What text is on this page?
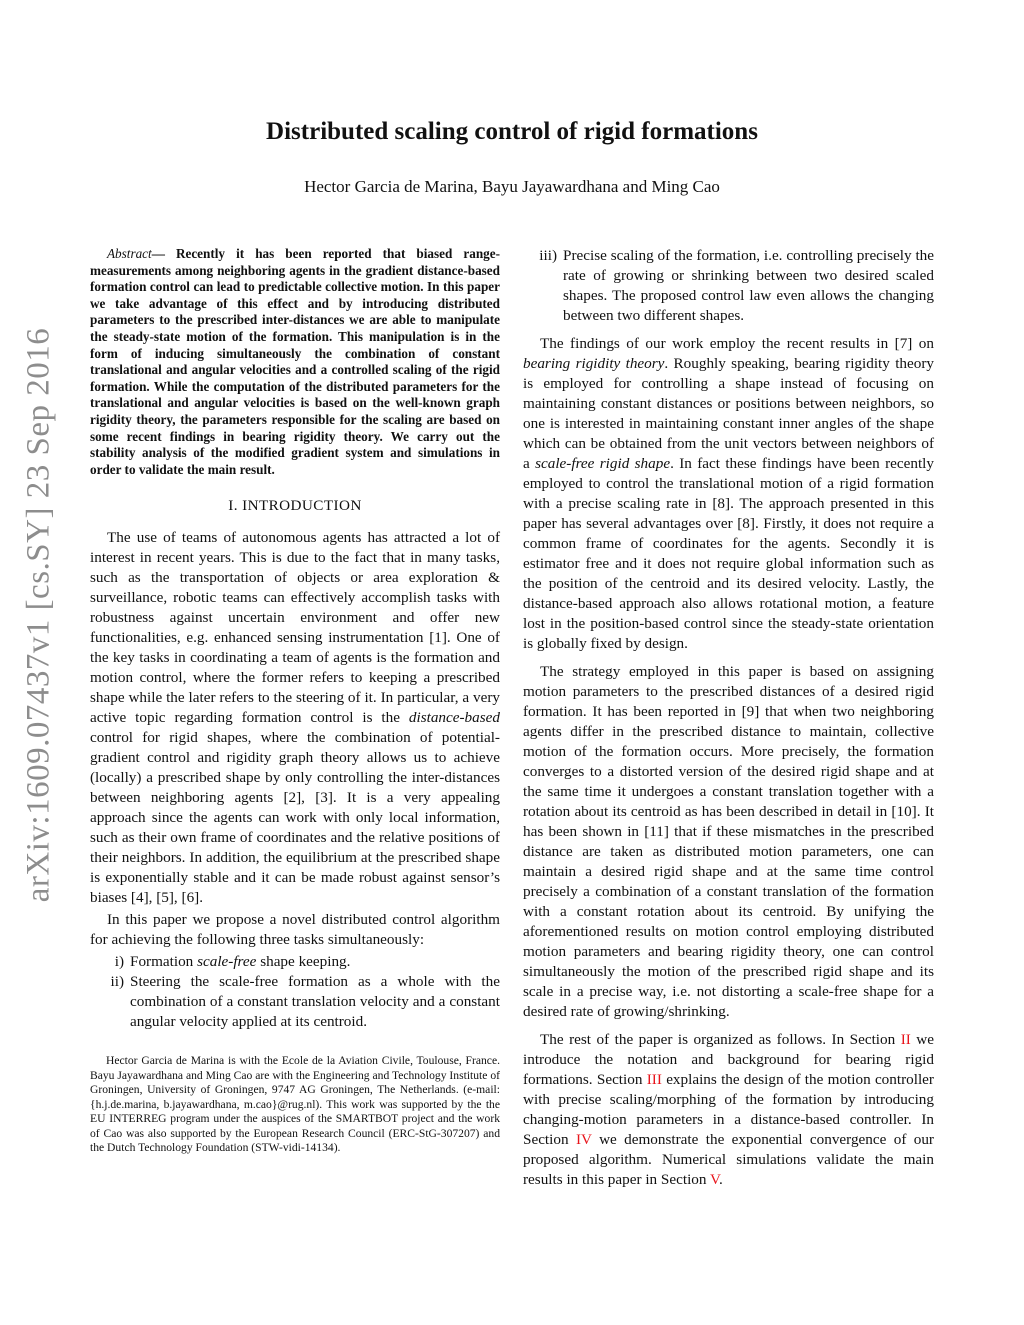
arXiv:1609.07437v1 [cs.SY] 23 Sep 2016
Distributed scaling control of rigid formations
Hector Garcia de Marina, Bayu Jayawardhana and Ming Cao

Abstract— Recently it has been reported that biased range-measurements among neighboring agents in the gradient distance-based formation control can lead to predictable collective motion. In this paper we take advantage of this effect and by introducing distributed parameters to the prescribed inter-distances we are able to manipulate the steady-state motion of the formation. This manipulation is in the form of inducing simultaneously the combination of constant translational and angular velocities and a controlled scaling of the rigid formation. While the computation of the distributed parameters for the translational and angular velocities is based on the well-known graph rigidity theory, the parameters responsible for the scaling are based on some recent findings in bearing rigidity theory. We carry out the stability analysis of the modified gradient system and simulations in order to validate the main result.

I. INTRODUCTION

The use of teams of autonomous agents has attracted a lot of interest in recent years. This is due to the fact that in many tasks, such as the transportation of objects or area exploration & surveillance, robotic teams can effectively accomplish tasks with robustness against uncertain environment and offer new functionalities, e.g. enhanced sensing instrumentation [1]. One of the key tasks in coordinating a team of agents is the formation and motion control, where the former refers to keeping a prescribed shape while the later refers to the steering of it. In particular, a very active topic regarding formation control is the distance-based control for rigid shapes, where the combination of potential-gradient control and rigidity graph theory allows us to achieve (locally) a prescribed shape by only controlling the inter-distances between neighboring agents [2], [3]. It is a very appealing approach since the agents can work with only local information, such as their own frame of coordinates and the relative positions of their neighbors. In addition, the equilibrium at the prescribed shape is exponentially stable and it can be made robust against sensor’s biases [4], [5], [6].

In this paper we propose a novel distributed control algorithm for achieving the following three tasks simultaneously:

i) Formation scale-free shape keeping.
ii) Steering the scale-free formation as a whole with the combination of a constant translation velocity and a constant angular velocity applied at its centroid.

Hector Garcia de Marina is with the Ecole de la Aviation Civile, Toulouse, France. Bayu Jayawardhana and Ming Cao are with the Engineering and Technology Institute of Groningen, University of Groningen, 9747 AG Groningen, The Netherlands. (e-mail: {h.j.de.marina, b.jayawardhana, m.cao}@rug.nl). This work was supported by the the EU INTERREG program under the auspices of the SMARTBOT project and the work of Cao was also supported by the European Research Council (ERC-StG-307207) and the Dutch Technology Foundation (STW-vidi-14134).

iii) Precise scaling of the formation, i.e. controlling precisely the rate of growing or shrinking between two desired scaled shapes. The proposed control law even allows the changing between two different shapes.

The findings of our work employ the recent results in [7] on bearing rigidity theory. Roughly speaking, bearing rigidity theory is employed for controlling a shape instead of focusing on maintaining constant distances or positions between neighbors, so one is interested in maintaining constant inner angles of the shape which can be obtained from the unit vectors between neighbors of a scale-free rigid shape. In fact these findings have been recently employed to control the translational motion of a rigid formation with a precise scaling rate in [8]. The approach presented in this paper has several advantages over [8]. Firstly, it does not require a common frame of coordinates for the agents. Secondly it is estimator free and it does not require global information such as the position of the centroid and its desired velocity. Lastly, the distance-based approach also allows rotational motion, a feature lost in the position-based control since the steady-state orientation is globally fixed by design.

The strategy employed in this paper is based on assigning motion parameters to the prescribed distances of a desired rigid formation. It has been reported in [9] that when two neighboring agents differ in the prescribed distance to maintain, collective motion of the formation occurs. More precisely, the formation converges to a distorted version of the desired rigid shape and at the same time it undergoes a constant translation together with a rotation about its centroid as has been described in detail in [10]. It has been shown in [11] that if these mismatches in the prescribed distance are taken as distributed motion parameters, one can maintain a desired rigid shape and at the same time control precisely a combination of a constant translation of the formation with a constant rotation about its centroid. By unifying the aforementioned results on motion control employing distributed motion parameters and bearing rigidity theory, one can control simultaneously the motion of the prescribed rigid shape and its scale in a precise way, i.e. not distorting a scale-free shape for a desired rate of growing/shrinking.

The rest of the paper is organized as follows. In Section II we introduce the notation and background for bearing rigid formations. Section III explains the design of the motion controller with precise scaling/morphing of the formation by introducing changing-motion parameters in a distance-based controller. In Section IV we demonstrate the exponential convergence of our proposed algorithm. Numerical simulations validate the main results in this paper in Section V.
